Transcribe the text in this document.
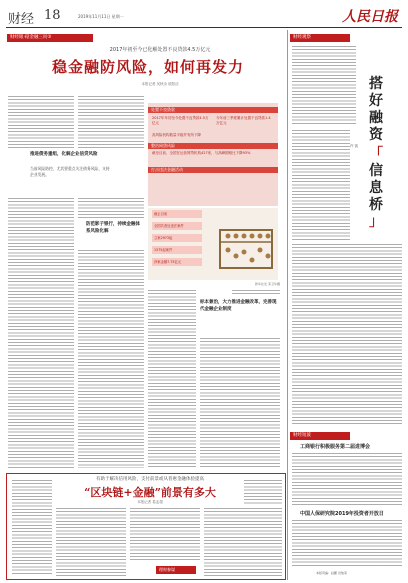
财经 18	2019年11月11日 星期一	人民日报
财经眼·稳金融三问③
2017年初至今已化解处置不良贷款4.5万亿元
稳金融防风险，如何再发力
本报记者 吴秋余 欧阳洁
推进债务重组，化解企业信贷风险
当前风险防控，尤其要重点关注债务风险，支持企业发展。
防范影子银行，持续金融体系风险化解
处置不良贷款
2017年年初至今处置不良贷款4.5万亿元
今年前三季度累计处置不良贷款1.4万亿元
高风险机构数量平稳并有所下降
整治网贷风险
截至目前，全国在运营网贷机构427家，与高峰期相比下降93%
打击违法金融活动
截止目前
全国共查处违法案件
立案2973起
1575起案件
涉案金额7.75亿元
新华社发 邓卫华摄
标本兼治，大力推进金融改革，完善现代金融企业制度
财经观察
搭
好
融
资
「
信
息
桥
」
许 凯
财经短波
工商银行积极服务第二届进博会
中国人保研究院2019年投资者开放日
本版责编：赵鹏 田俊荣
有助于解决信用风险，支付前景或从普惠金融体验提高
“区块链+金融”前景有多大
本报记者 葛孟超
理财参谋
